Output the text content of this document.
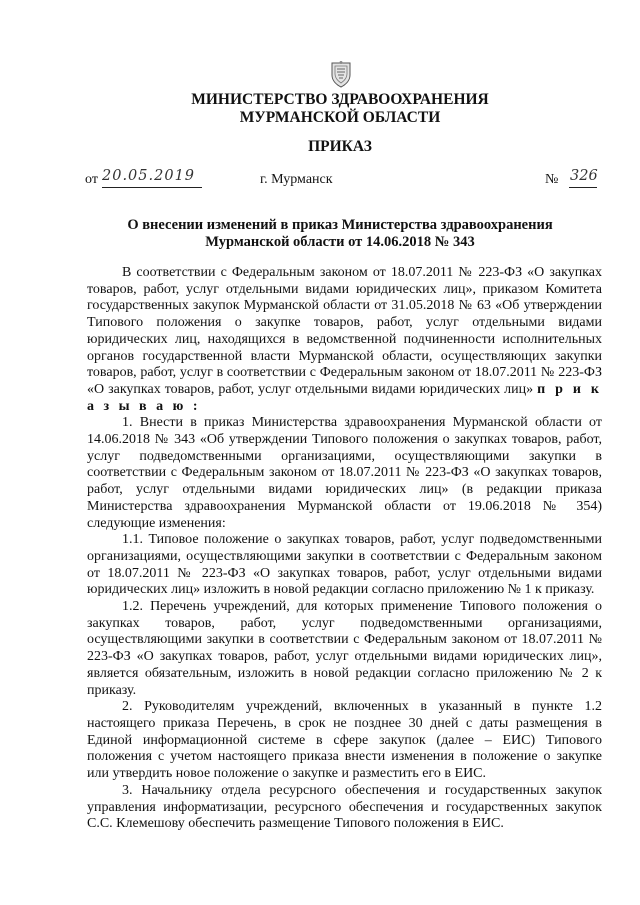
МИНИСТЕРСТВО ЗДРАВООХРАНЕНИЯ
МУРМАНСКОЙ ОБЛАСТИ
ПРИКАЗ
от 20.05.2019	г. Мурманск	№ 326
О внесении изменений в приказ Министерства здравоохранения
Мурманской области от 14.06.2018 № 343

В соответствии с Федеральным законом от 18.07.2011 № 223-ФЗ «О закупках товаров, работ, услуг отдельными видами юридических лиц», приказом Комитета государственных закупок Мурманской области от 31.05.2018 № 63 «Об утверждении Типового положения о закупке товаров, работ, услуг отдельными видами юридических лиц, находящихся в ведомственной подчиненности исполнительных органов государственной власти Мурманской области, осуществляющих закупки товаров, работ, услуг в соответствии с Федеральным законом от 18.07.2011 № 223-ФЗ «О закупках товаров, работ, услуг отдельными видами юридических лиц» п р и к а з ы в а ю :

1. Внести в приказ Министерства здравоохранения Мурманской области от 14.06.2018 № 343 «Об утверждении Типового положения о закупках товаров, работ, услуг подведомственными организациями, осуществляющими закупки в соответствии с Федеральным законом от 18.07.2011 № 223-ФЗ «О закупках товаров, работ, услуг отдельными видами юридических лиц» (в редакции приказа Министерства здравоохранения Мурманской области от 19.06.2018 № 354) следующие изменения:

1.1. Типовое положение о закупках товаров, работ, услуг подведомственными организациями, осуществляющими закупки в соответствии с Федеральным законом от 18.07.2011 № 223-ФЗ «О закупках товаров, работ, услуг отдельными видами юридических лиц» изложить в новой редакции согласно приложению № 1 к приказу.

1.2. Перечень учреждений, для которых применение Типового положения о закупках товаров, работ, услуг подведомственными организациями, осуществляющими закупки в соответствии с Федеральным законом от 18.07.2011 № 223-ФЗ «О закупках товаров, работ, услуг отдельными видами юридических лиц», является обязательным, изложить в новой редакции согласно приложению № 2 к приказу.

2. Руководителям учреждений, включенных в указанный в пункте 1.2 настоящего приказа Перечень, в срок не позднее 30 дней с даты размещения в Единой информационной системе в сфере закупок (далее – ЕИС) Типового положения с учетом настоящего приказа внести изменения в положение о закупке или утвердить новое положение о закупке и разместить его в ЕИС.

3. Начальнику отдела ресурсного обеспечения и государственных закупок управления информатизации, ресурсного обеспечения и государственных закупок С.С. Клемешову обеспечить размещение Типового положения в ЕИС.
